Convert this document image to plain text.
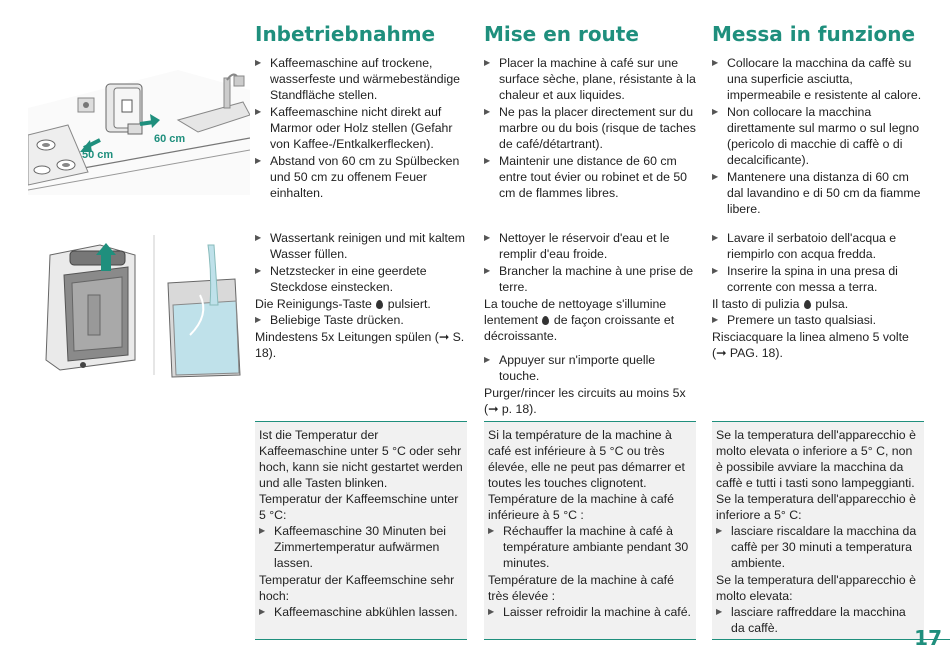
50 cm
60 cm
Inbetriebnahme
▶ Kaffeemaschine auf trockene, wasserfeste und wärmebeständige Standfläche stellen.
▶ Kaffeemaschine nicht direkt auf Marmor oder Holz stellen (Gefahr von Kaffee-/Entkalkerflecken).
▶ Abstand von 60 cm zu Spülbecken und 50 cm zu offenem Feuer einhalten.
▶ Wassertank reinigen und mit kaltem Wasser füllen.
▶ Netzstecker in eine geerdete Steckdose einstecken.

Die Reinigungs-Taste pulsiert.

▶ Beliebige Taste drücken.

Mindestens 5x Leitungen spülen (➞ S. 18).

Mise en route
▶ Placer la machine à café sur une surface sèche, plane, résistante à la chaleur et aux liquides.
▶ Ne pas la placer directement sur du marbre ou du bois (risque de taches de café/détartrant).
▶ Maintenir une distance de 60 cm entre tout évier ou robinet et de 50 cm de flammes libres.
▶ Nettoyer le réservoir d'eau et le remplir d'eau froide.
▶ Brancher la machine à une prise de terre.

La touche de nettoyage s'illumine lentement de façon croissante et décroissante.

▶ Appuyer sur n'importe quelle touche.

Purger/rincer les circuits au moins 5x (➞ p. 18).

Messa in funzione
▶ Collocare la macchina da caffè su una superficie asciutta, impermeabile e resistente al calore.
▶ Non collocare la macchina direttamente sul marmo o sul legno (pericolo di macchie di caffè o di decalcificante).
▶ Mantenere una distanza di 60 cm dal lavandino e di 50 cm da fiamme libere.
▶ Lavare il serbatoio dell'acqua e riempirlo con acqua fredda.
▶ Inserire la spina in una presa di corrente con messa a terra.

Il tasto di pulizia pulsa.

▶ Premere un tasto qualsiasi.

Risciacquare la linea almeno 5 volte (➞ PAG. 18).

Ist die Temperatur der Kaffeemaschine unter 5 °C oder sehr hoch, kann sie nicht gestartet werden und alle Tasten blinken.

Temperatur der Kaffeemschine unter 5 °C:

▶ Kaffeemaschine 30 Minuten bei Zimmertemperatur aufwärmen lassen.

Temperatur der Kaffeemschine sehr hoch:

▶ Kaffeemaschine abkühlen lassen.

Si la température de la machine à café est inférieure à 5 °C ou très élevée, elle ne peut pas démarrer et toutes les touches clignotent.

Température de la machine à café inférieure à 5 °C :

▶ Réchauffer la machine à café à température ambiante pendant 30 minutes.

Température de la machine à café très élevée :

▶ Laisser refroidir la machine à café.

Se la temperatura dell'apparecchio è molto elevata o inferiore a 5° C, non è possibile avviare la macchina da caffè e tutti i tasti sono lampeggianti.

Se la temperatura dell'apparecchio è inferiore a 5° C:

▶ lasciare riscaldare la macchina da caffè per 30 minuti a temperatura ambiente.

Se la temperatura dell'apparecchio è molto elevata:

▶ lasciare raffreddare la macchina da caffè.	17
